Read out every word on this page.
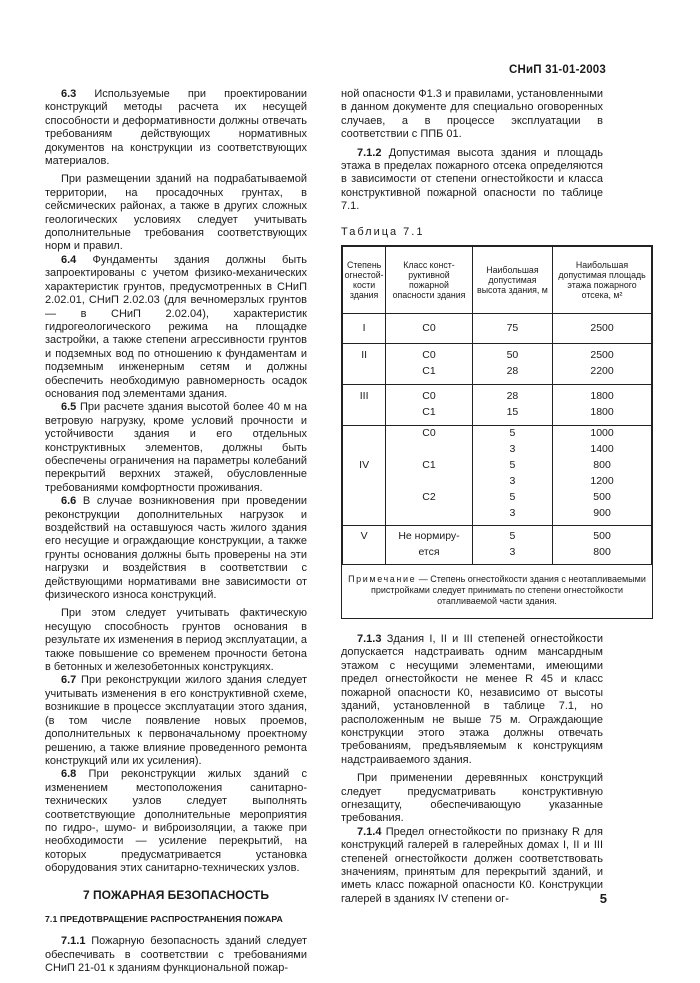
СНиП 31-01-2003

6.3 Используемые при проектировании конструкций методы расчета их несущей способности и деформативности должны отвечать требованиям действующих нормативных документов на конструкции из соответствующих материалов.

При размещении зданий на подрабатываемой территории, на просадочных грунтах, в сейсмических районах, а также в других сложных геологических условиях следует учитывать дополнительные требования соответствующих норм и правил.

6.4 Фундаменты здания должны быть запроектированы с учетом физико-механических характеристик грунтов, предусмотренных в СНиП 2.02.01, СНиП 2.02.03 (для вечномерзлых грунтов — в СНиП 2.02.04), характеристик гидрогеологического режима на площадке застройки, а также степени агрессивности грунтов и подземных вод по отношению к фундаментам и подземным инженерным сетям и должны обеспечить необходимую равномерность осадок основания под элементами здания.

6.5 При расчете здания высотой более 40 м на ветровую нагрузку, кроме условий прочности и устойчивости здания и его отдельных конструктивных элементов, должны быть обеспечены ограничения на параметры колебаний перекрытий верхних этажей, обусловленные требованиями комфортности проживания.

6.6 В случае возникновения при проведении реконструкции дополнительных нагрузок и воздействий на оставшуюся часть жилого здания его несущие и ограждающие конструкции, а также грунты основания должны быть проверены на эти нагрузки и воздействия в соответствии с действующими нормативами вне зависимости от физического износа конструкций.

При этом следует учитывать фактическую несущую способность грунтов основания в результате их изменения в период эксплуатации, а также повышение со временем прочности бетона в бетонных и железобетонных конструкциях.

6.7 При реконструкции жилого здания следует учитывать изменения в его конструктивной схеме, возникшие в процессе эксплуатации этого здания, (в том числе появление новых проемов, дополнительных к первоначальному проектному решению, а также влияние проведенного ремонта конструкций или их усиления).

6.8 При реконструкции жилых зданий с изменением местоположения санитарно-технических узлов следует выполнять соответствующие дополнительные мероприятия по гидро-, шумо- и виброизоляции, а также при необходимости — усиление перекрытий, на которых предусматривается установка оборудования этих санитарно-технических узлов.

7 ПОЖАРНАЯ БЕЗОПАСНОСТЬ
7.1 ПРЕДОТВРАЩЕНИЕ РАСПРОСТРАНЕНИЯ ПОЖАРА

7.1.1 Пожарную безопасность зданий следует обеспечивать в соответствии с требованиями СНиП 21-01 к зданиям функциональной пожар-

ной опасности Ф1.3 и правилами, установленными в данном документе для специально оговоренных случаев, а в процессе эксплуатации в соответствии с ППБ 01.

7.1.2 Допустимая высота здания и площадь этажа в пределах пожарного отсека определяются в зависимости от степени огнестойкости и класса конструктивной пожарной опасности по таблице 7.1.

Таблица 7.1
Степень огнестой-кости здания	Класс конст-руктивной пожарной опасности здания	Наибольшая допустимая высота здания, м	Наибольшая допустимая площадь этажа пожарного отсека, м²
I	С0	75	2500
II	С0	50	2500
	С1	28	2200
III	С0	28	1800
	С1	15	1800
	С0	5	1000
		3	1400
IV	С1	5	800
		3	1200
	С2	5	500
		3	900
V	Не нормиру-	5	500
	ется	3	800
Примечание — Степень огнестойкости здания с неотапливаемыми пристройками следует принимать по степени огнестойкости отапливаемой части здания.

7.1.3 Здания I, II и III степеней огнестойкости допускается надстраивать одним мансардным этажом с несущими элементами, имеющими предел огнестойкости не менее R 45 и класс пожарной опасности К0, независимо от высоты зданий, установленной в таблице 7.1, но расположенным не выше 75 м. Ограждающие конструкции этого этажа должны отвечать требованиям, предъявляемым к конструкциям надстраиваемого здания.

При применении деревянных конструкций следует предусматривать конструктивную огнезащиту, обеспечивающую указанные требования.

7.1.4 Предел огнестойкости по признаку R для конструкций галерей в галерейных домах I, II и III степеней огнестойкости должен соответствовать значениям, принятым для перекрытий зданий, и иметь класс пожарной опасности К0. Конструкции галерей в зданиях IV степени ог-	5
